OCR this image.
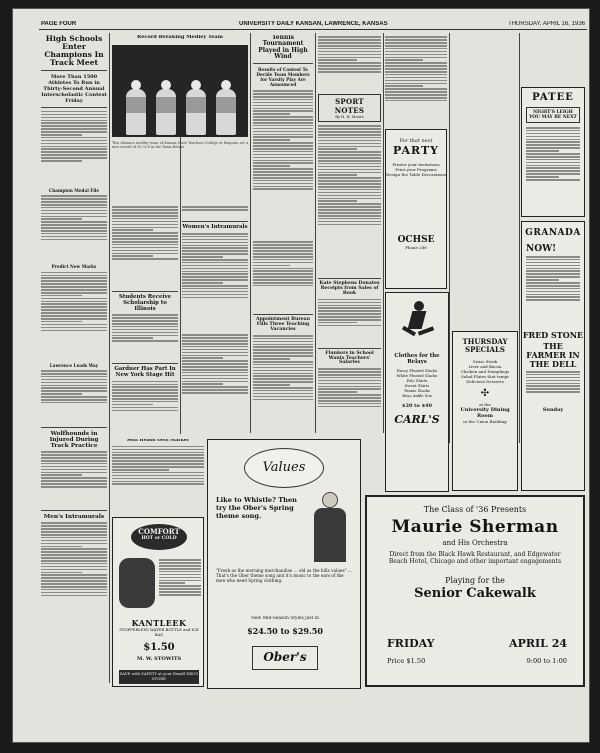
PAGE FOUR	UNIVERSITY DAILY KANSAN, LAWRENCE, KANSAS	THURSDAY, APRIL 16, 1936
High Schools Enter Champions In Track Meet
More Than 1500 Athletes To Run in Thirty-Second Annual Interscholastic Contest Friday
Champion Medal File
Predict New Marks
Lawrence Leads Way
Wolfhounds in Injured During Track Practice
Men's Intramurals
Record Breaking Medley Team
This distance medley team of Kansas State Teachers College at Emporia set a new record of 10:32.6 in the Texas Relays.
Students Receive Scholarship to Illinois
Gardner Has Part In New York Stage Hit
Women's Intramurals
Tennis Tournament Played in High Wind
Results of Contest To Decide Team Members for Varsity Play Are Announced
Appointment Bureau Fills Three Teaching Vacancies
SPORT NOTES
By H. H. Moore
Kate Stephens Donates Receipts from Sales of Book
Flunkers in School Wants Teachers' Salaries
For that next
PARTY
Printer your invitations
Print your Programs
Design the Table Decorations
OCHSE
Phone 288
THURSDAY SPECIALS
Swiss Steak
Liver and Bacon
Chicken and Dumplings
Salad Plates that tempt
Delicious Desserts
✣
at the
University Dining Room
in the Union Building
Clothes for the Relays
Fancy Pleated Slacks
White Pleated Slacks
Polo Shirts
Sweat Shirts
Tennis Slacks
Boys Ankle Sox
$20 to $40
CARL'S
PATEE
NIGHT'S LEIGH
YOU MAY BE NEXT
GRANADA
NOW!
FRED STONE
THE FARMER IN THE DELL
Sunday
Values
Like to Whistle? Then try the Ober's Spring theme song.
"Fresh as the morning merchandise ... old as the hills values" ... That's the Ober theme song and it's music to the ears of the men who need Spring clothing.
New Mid-Season Styles just in
$24.50 to $29.50
Ober's
COMFORT
HOT or COLD
KANTLEEK
STOPPERLESS WATER BOTTLE and ICE BAG
$1.50
M. W. STOWITS
SAVE with SAFETY at your Rexall DRUG STORE
The Class of '36 Presents
Maurie Sherman
and His Orchestra
Direct from the Black Hawk Restaurant, and Edgewater Beach Hotel, Chicago and other important engagements
Playing for the
Senior Cakewalk
FRIDAY	APRIL 24
Price $1.50	9:00 to 1:00
Seal Heads Gets Marker
